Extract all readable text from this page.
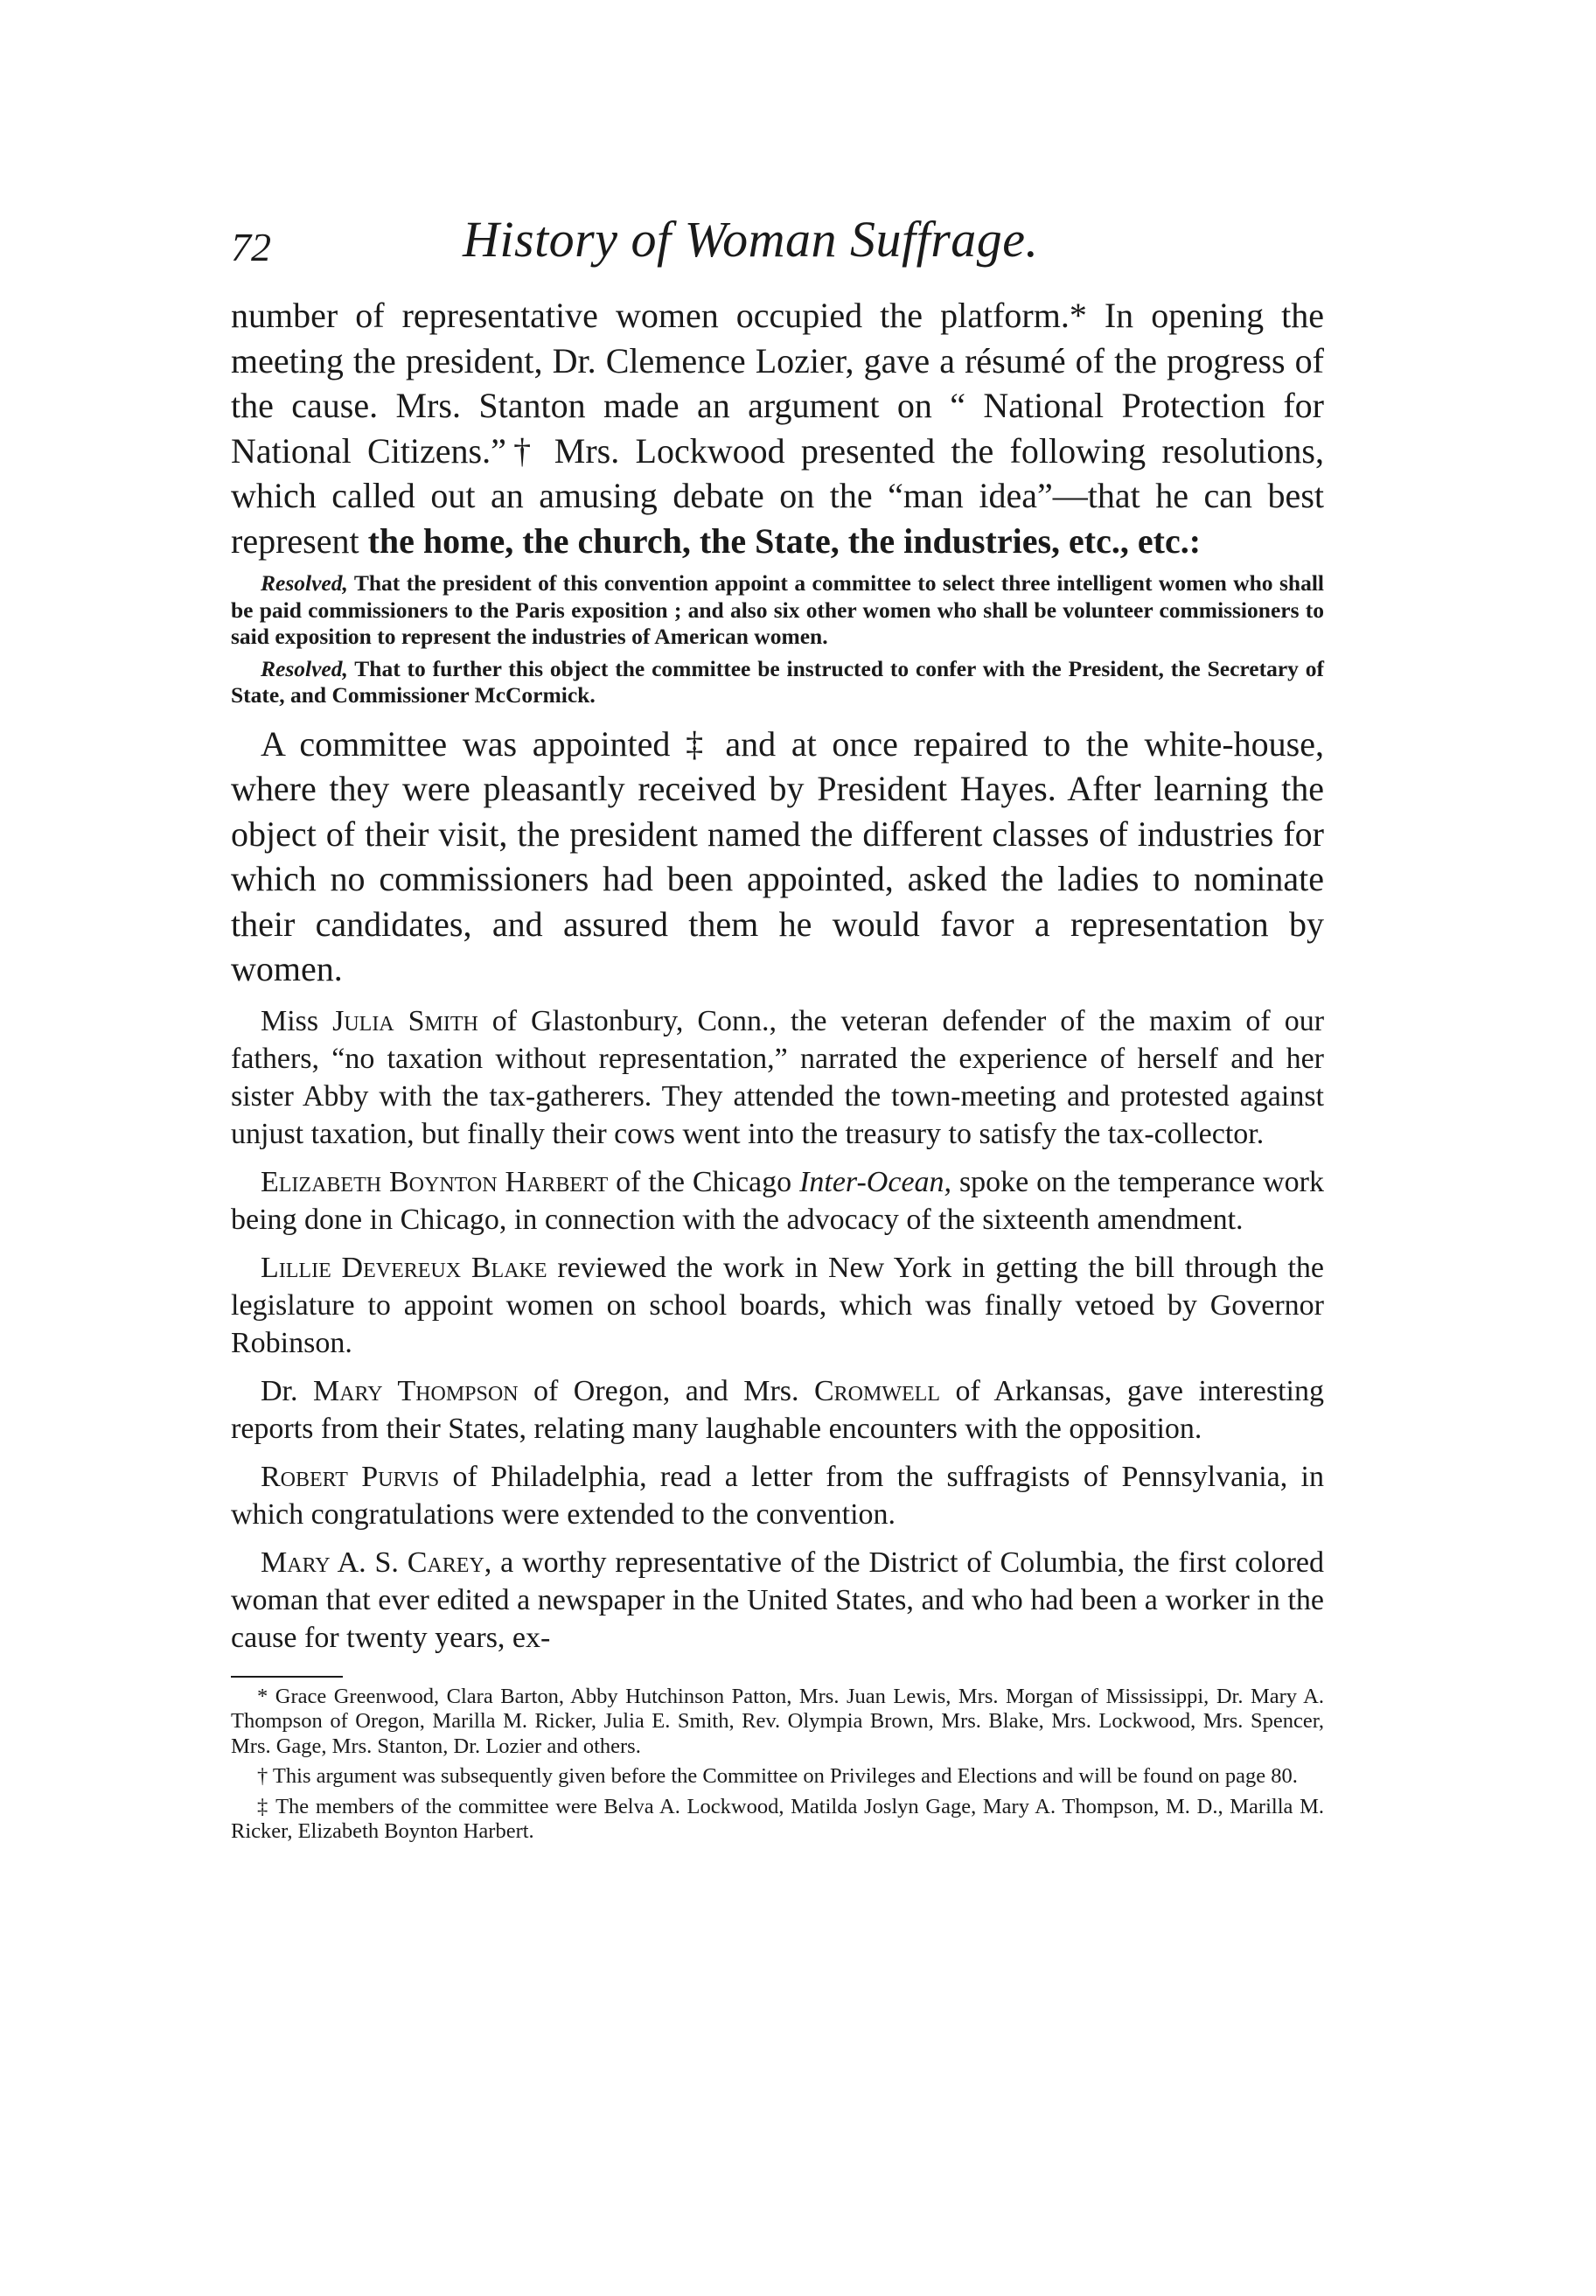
72	History of Woman Suffrage.

number of representative women occupied the platform.* In opening the meeting the president, Dr. Clemence Lozier, gave a résumé of the progress of the cause. Mrs. Stanton made an argument on “ National Protection for National Citizens.”† Mrs. Lockwood presented the following resolutions, which called out an amusing debate on the “man idea”—that he can best represent the home, the church, the State, the industries, etc., etc.:

Resolved, That the president of this convention appoint a committee to select three intelligent women who shall be paid commissioners to the Paris exposition ; and also six other women who shall be volunteer commissioners to said exposition to represent the industries of American women.

Resolved, That to further this object the committee be instructed to confer with the President, the Secretary of State, and Commissioner McCormick.

A committee was appointed ‡ and at once repaired to the white-house, where they were pleasantly received by President Hayes. After learning the object of their visit, the president named the different classes of industries for which no commissioners had been appointed, asked the ladies to nominate their candidates, and assured them he would favor a representation by women.

Miss Julia Smith of Glastonbury, Conn., the veteran defender of the maxim of our fathers, “no taxation without representation,” narrated the experience of herself and her sister Abby with the tax-gatherers. They attended the town-meeting and protested against unjust taxation, but finally their cows went into the treasury to satisfy the tax-collector.

Elizabeth Boynton Harbert of the Chicago Inter-Ocean, spoke on the temperance work being done in Chicago, in connection with the advocacy of the sixteenth amendment.

Lillie Devereux Blake reviewed the work in New York in getting the bill through the legislature to appoint women on school boards, which was finally vetoed by Governor Robinson.

Dr. Mary Thompson of Oregon, and Mrs. Cromwell of Arkansas, gave interesting reports from their States, relating many laughable encounters with the opposition.

Robert Purvis of Philadelphia, read a letter from the suffragists of Pennsylvania, in which congratulations were extended to the convention.

Mary A. S. Carey, a worthy representative of the District of Columbia, the first colored woman that ever edited a newspaper in the United States, and who had been a worker in the cause for twenty years, ex-

* Grace Greenwood, Clara Barton, Abby Hutchinson Patton, Mrs. Juan Lewis, Mrs. Morgan of Mississippi, Dr. Mary A. Thompson of Oregon, Marilla M. Ricker, Julia E. Smith, Rev. Olympia Brown, Mrs. Blake, Mrs. Lockwood, Mrs. Spencer, Mrs. Gage, Mrs. Stanton, Dr. Lozier and others.

† This argument was subsequently given before the Committee on Privileges and Elections and will be found on page 80.

‡ The members of the committee were Belva A. Lockwood, Matilda Joslyn Gage, Mary A. Thompson, M. D., Marilla M. Ricker, Elizabeth Boynton Harbert.
